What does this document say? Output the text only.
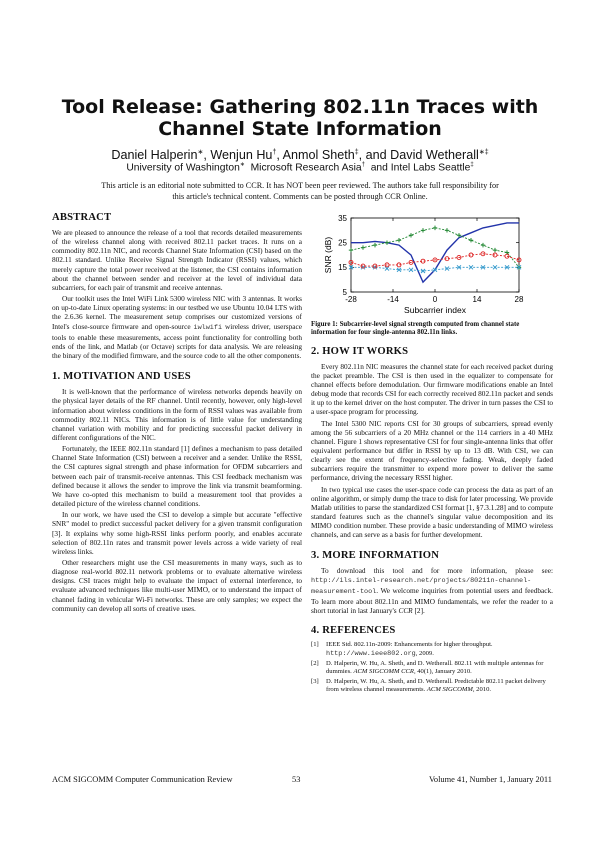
Tool Release: Gathering 802.11n Traces with Channel State Information
Daniel Halperin∗, Wenjun Hu†, Anmol Sheth‡, and David Wetherall∗‡
University of Washington∗ Microsoft Research Asia† and Intel Labs Seattle‡
This article is an editorial note submitted to CCR. It has NOT been peer reviewed. The authors take full responsibility for this article's technical content. Comments can be posted through CCR Online.
ABSTRACT

We are pleased to announce the release of a tool that records detailed measurements of the wireless channel along with received 802.11 packet traces. It runs on a commodity 802.11n NIC, and records Channel State Information (CSI) based on the 802.11 standard. Unlike Receive Signal Strength Indicator (RSSI) values, which merely capture the total power received at the listener, the CSI contains information about the channel between sender and receiver at the level of individual data subcarriers, for each pair of transmit and receive antennas.

Our toolkit uses the Intel WiFi Link 5300 wireless NIC with 3 antennas. It works on up-to-date Linux operating systems: in our testbed we use Ubuntu 10.04 LTS with the 2.6.36 kernel. The measurement setup comprises our customized versions of Intel's close-source firmware and open-source iwlwifi wireless driver, userspace tools to enable these measurements, access point functionality for controlling both ends of the link, and Matlab (or Octave) scripts for data analysis. We are releasing the binary of the modified firmware, and the source code to all the other components.

1. MOTIVATION AND USES

It is well-known that the performance of wireless networks depends heavily on the physical layer details of the RF channel. Until recently, however, only high-level information about wireless conditions in the form of RSSI values was available from commodity 802.11 NICs. This information is of little value for understanding channel variation with mobility and for predicting successful packet delivery in different configurations of the NIC.

Fortunately, the IEEE 802.11n standard [1] defines a mechanism to pass detailed Channel State Information (CSI) between a receiver and a sender. Unlike the RSSI, the CSI captures signal strength and phase information for OFDM subcarriers and between each pair of transmit-receive antennas. This CSI feedback mechanism was defined because it allows the sender to improve the link via transmit beamforming. We have co-opted this mechanism to build a measurement tool that provides a detailed picture of the wireless channel conditions.

In our work, we have used the CSI to develop a simple but accurate "effective SNR" model to predict successful packet delivery for a given transmit configuration [3]. It explains why some high-RSSI links perform poorly, and enables accurate selection of 802.11n rates and transmit power levels across a wide variety of real wireless links.

Other researchers might use the CSI measurements in many ways, such as to diagnose real-world 802.11 network problems or to evaluate alternative wireless designs. CSI traces might help to evaluate the impact of external interference, to evaluate advanced techniques like multi-user MIMO, or to understand the impact of channel fading in vehicular Wi-Fi networks. These are only samples; we expect the community can develop all sorts of creative uses.

5
15
25
35
-28	-14	0	14	28
Subcarrier index
SNR (dB)

Figure 1: Subcarrier-level signal strength computed from channel state information for four single-antenna 802.11n links.

2. HOW IT WORKS

Every 802.11n NIC measures the channel state for each received packet during the packet preamble. The CSI is then used in the equalizer to compensate for channel effects before demodulation. Our firmware modifications enable an Intel debug mode that records CSI for each correctly received 802.11n packet and sends it up to the kernel driver on the host computer. The driver in turn passes the CSI to a user-space program for processing.

The Intel 5300 NIC reports CSI for 30 groups of subcarriers, spread evenly among the 56 subcarriers of a 20 MHz channel or the 114 carriers in a 40 MHz channel. Figure 1 shows representative CSI for four single-antenna links that offer equivalent performance but differ in RSSI by up to 13 dB. With CSI, we can clearly see the extent of frequency-selective fading. Weak, deeply faded subcarriers require the transmitter to expend more power to deliver the same performance, driving the necessary RSSI higher.

In two typical use cases the user-space code can process the data as part of an online algorithm, or simply dump the trace to disk for later processing. We provide Matlab utilities to parse the standardized CSI format [1, §7.3.1.28] and to compute standard features such as the channel's singular value decomposition and its MIMO condition number. These provide a basic understanding of MIMO wireless channels, and can serve as a basis for further development.

3. MORE INFORMATION

To download this tool and for more information, please see: http://ils.intel-research.net/projects/80211n-channel-measurement-tool. We welcome inquiries from potential users and feedback. To learn more about 802.11n and MIMO fundamentals, we refer the reader to a short tutorial in last January's CCR [2].

4. REFERENCES
[1] IEEE Std. 802.11n-2009: Enhancements for higher throughput. http://www.ieee802.org, 2009.
[2] D. Halperin, W. Hu, A. Sheth, and D. Wetherall. 802.11 with multiple antennas for dummies. ACM SIGCOMM CCR, 40(1), January 2010.
[3] D. Halperin, W. Hu, A. Sheth, and D. Wetherall. Predictable 802.11 packet delivery from wireless channel measurements. ACM SIGCOMM, 2010.
ACM SIGCOMM Computer Communication Review	53	Volume 41, Number 1, January 2011
